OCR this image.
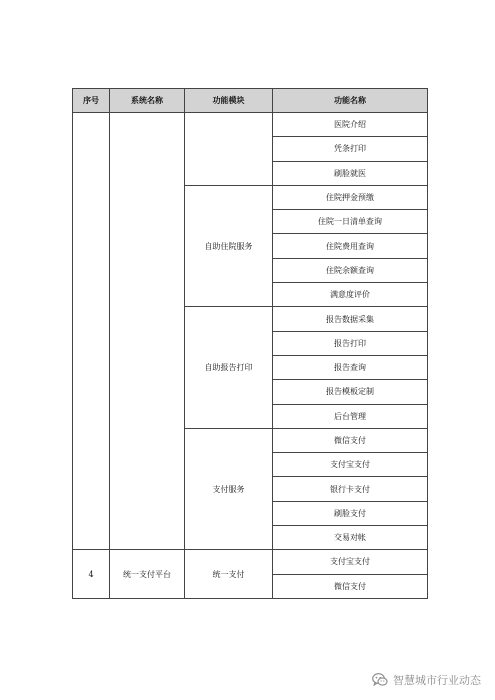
序号	系统名称	功能模块	功能名称
			医院介绍
			凭条打印
			刷脸就医
		自助住院服务	住院押金预缴
			住院一日清单查询
			住院费用查询
			住院余额查询
			满意度评价
		自助报告打印	报告数据采集
			报告打印
			报告查询
			报告模板定制
			后台管理
		支付服务	微信支付
			支付宝支付
			银行卡支付
			刷脸支付
			交易对帐
4	统一支付平台	统一支付	支付宝支付
			微信支付
智慧城市行业动态
